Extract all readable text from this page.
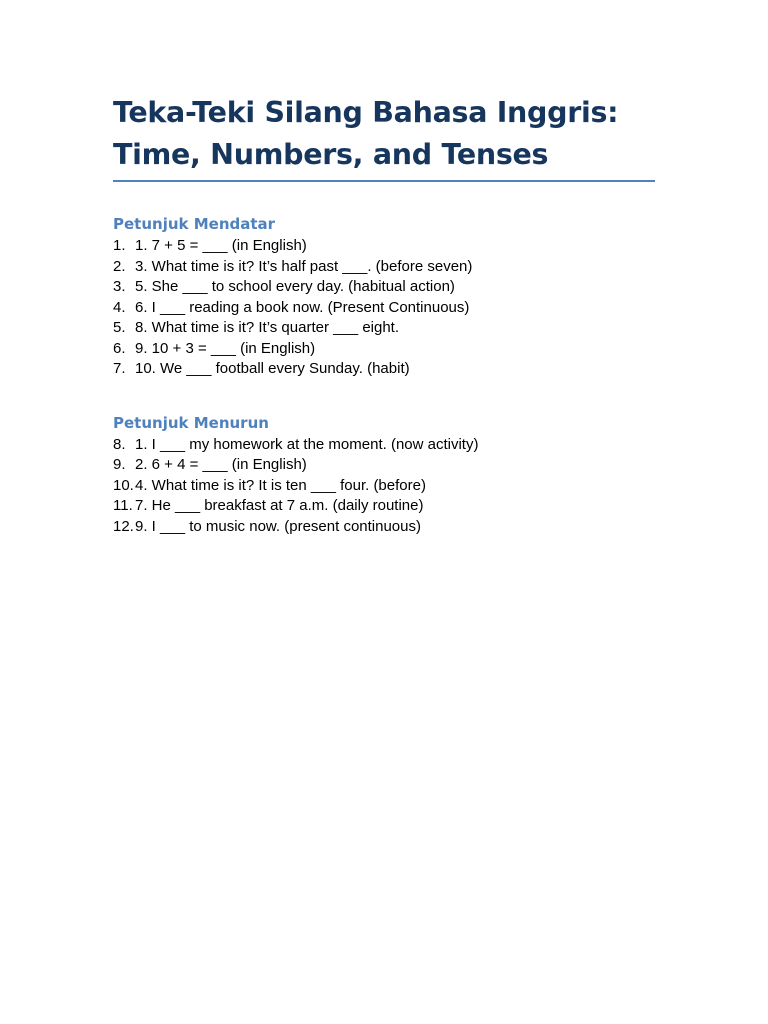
Teka-Teki Silang Bahasa Inggris: Time, Numbers, and Tenses
Petunjuk Mendatar
1. 1. 7 + 5 = ___ (in English)
2. 3. What time is it? It’s half past ___. (before seven)
3. 5. She ___ to school every day. (habitual action)
4. 6. I ___ reading a book now. (Present Continuous)
5. 8. What time is it? It’s quarter ___ eight.
6. 9. 10 + 3 = ___ (in English)
7. 10. We ___ football every Sunday. (habit)
Petunjuk Menurun
8. 1. I ___ my homework at the moment. (now activity)
9. 2. 6 + 4 = ___ (in English)
10. 4. What time is it? It is ten ___ four. (before)
11. 7. He ___ breakfast at 7 a.m. (daily routine)
12. 9. I ___ to music now. (present continuous)
